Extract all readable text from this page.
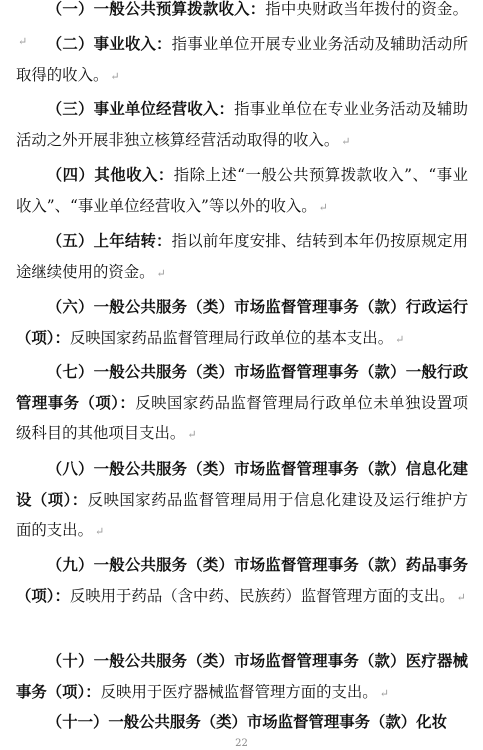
（一）一般公共预算拨款收入：指中央财政当年拨付的资金。↵	（二）事业收入：指事业单位开展专业业务活动及辅助活动所取得的收入。 ↵

（三）事业单位经营收入：指事业单位在专业业务活动及辅助活动之外开展非独立核算经营活动取得的收入。 ↵

（四）其他收入：指除上述“一般公共预算拨款收入”、“事业收入”、“事业单位经营收入”等以外的收入。 ↵

（五）上年结转：指以前年度安排、结转到本年仍按原规定用途继续使用的资金。 ↵

（六）一般公共服务（类）市场监督管理事务（款）行政运行（项）：反映国家药品监督管理局行政单位的基本支出。 ↵

（七）一般公共服务（类）市场监督管理事务（款）一般行政管理事务（项）：反映国家药品监督管理局行政单位未单独设置项级科目的其他项目支出。 ↵

（八）一般公共服务（类）市场监督管理事务（款）信息化建设（项）：反映国家药品监督管理局用于信息化建设及运行维护方面的支出。 ↵

（九）一般公共服务（类）市场监督管理事务（款）药品事务（项）：反映用于药品（含中药、民族药）监督管理方面的支出。 ↵

（十）一般公共服务（类）市场监督管理事务（款）医疗器械事务（项）：反映用于医疗器械监督管理方面的支出。 ↵

（十一）一般公共服务（类）市场监督管理事务（款）化妆

22
